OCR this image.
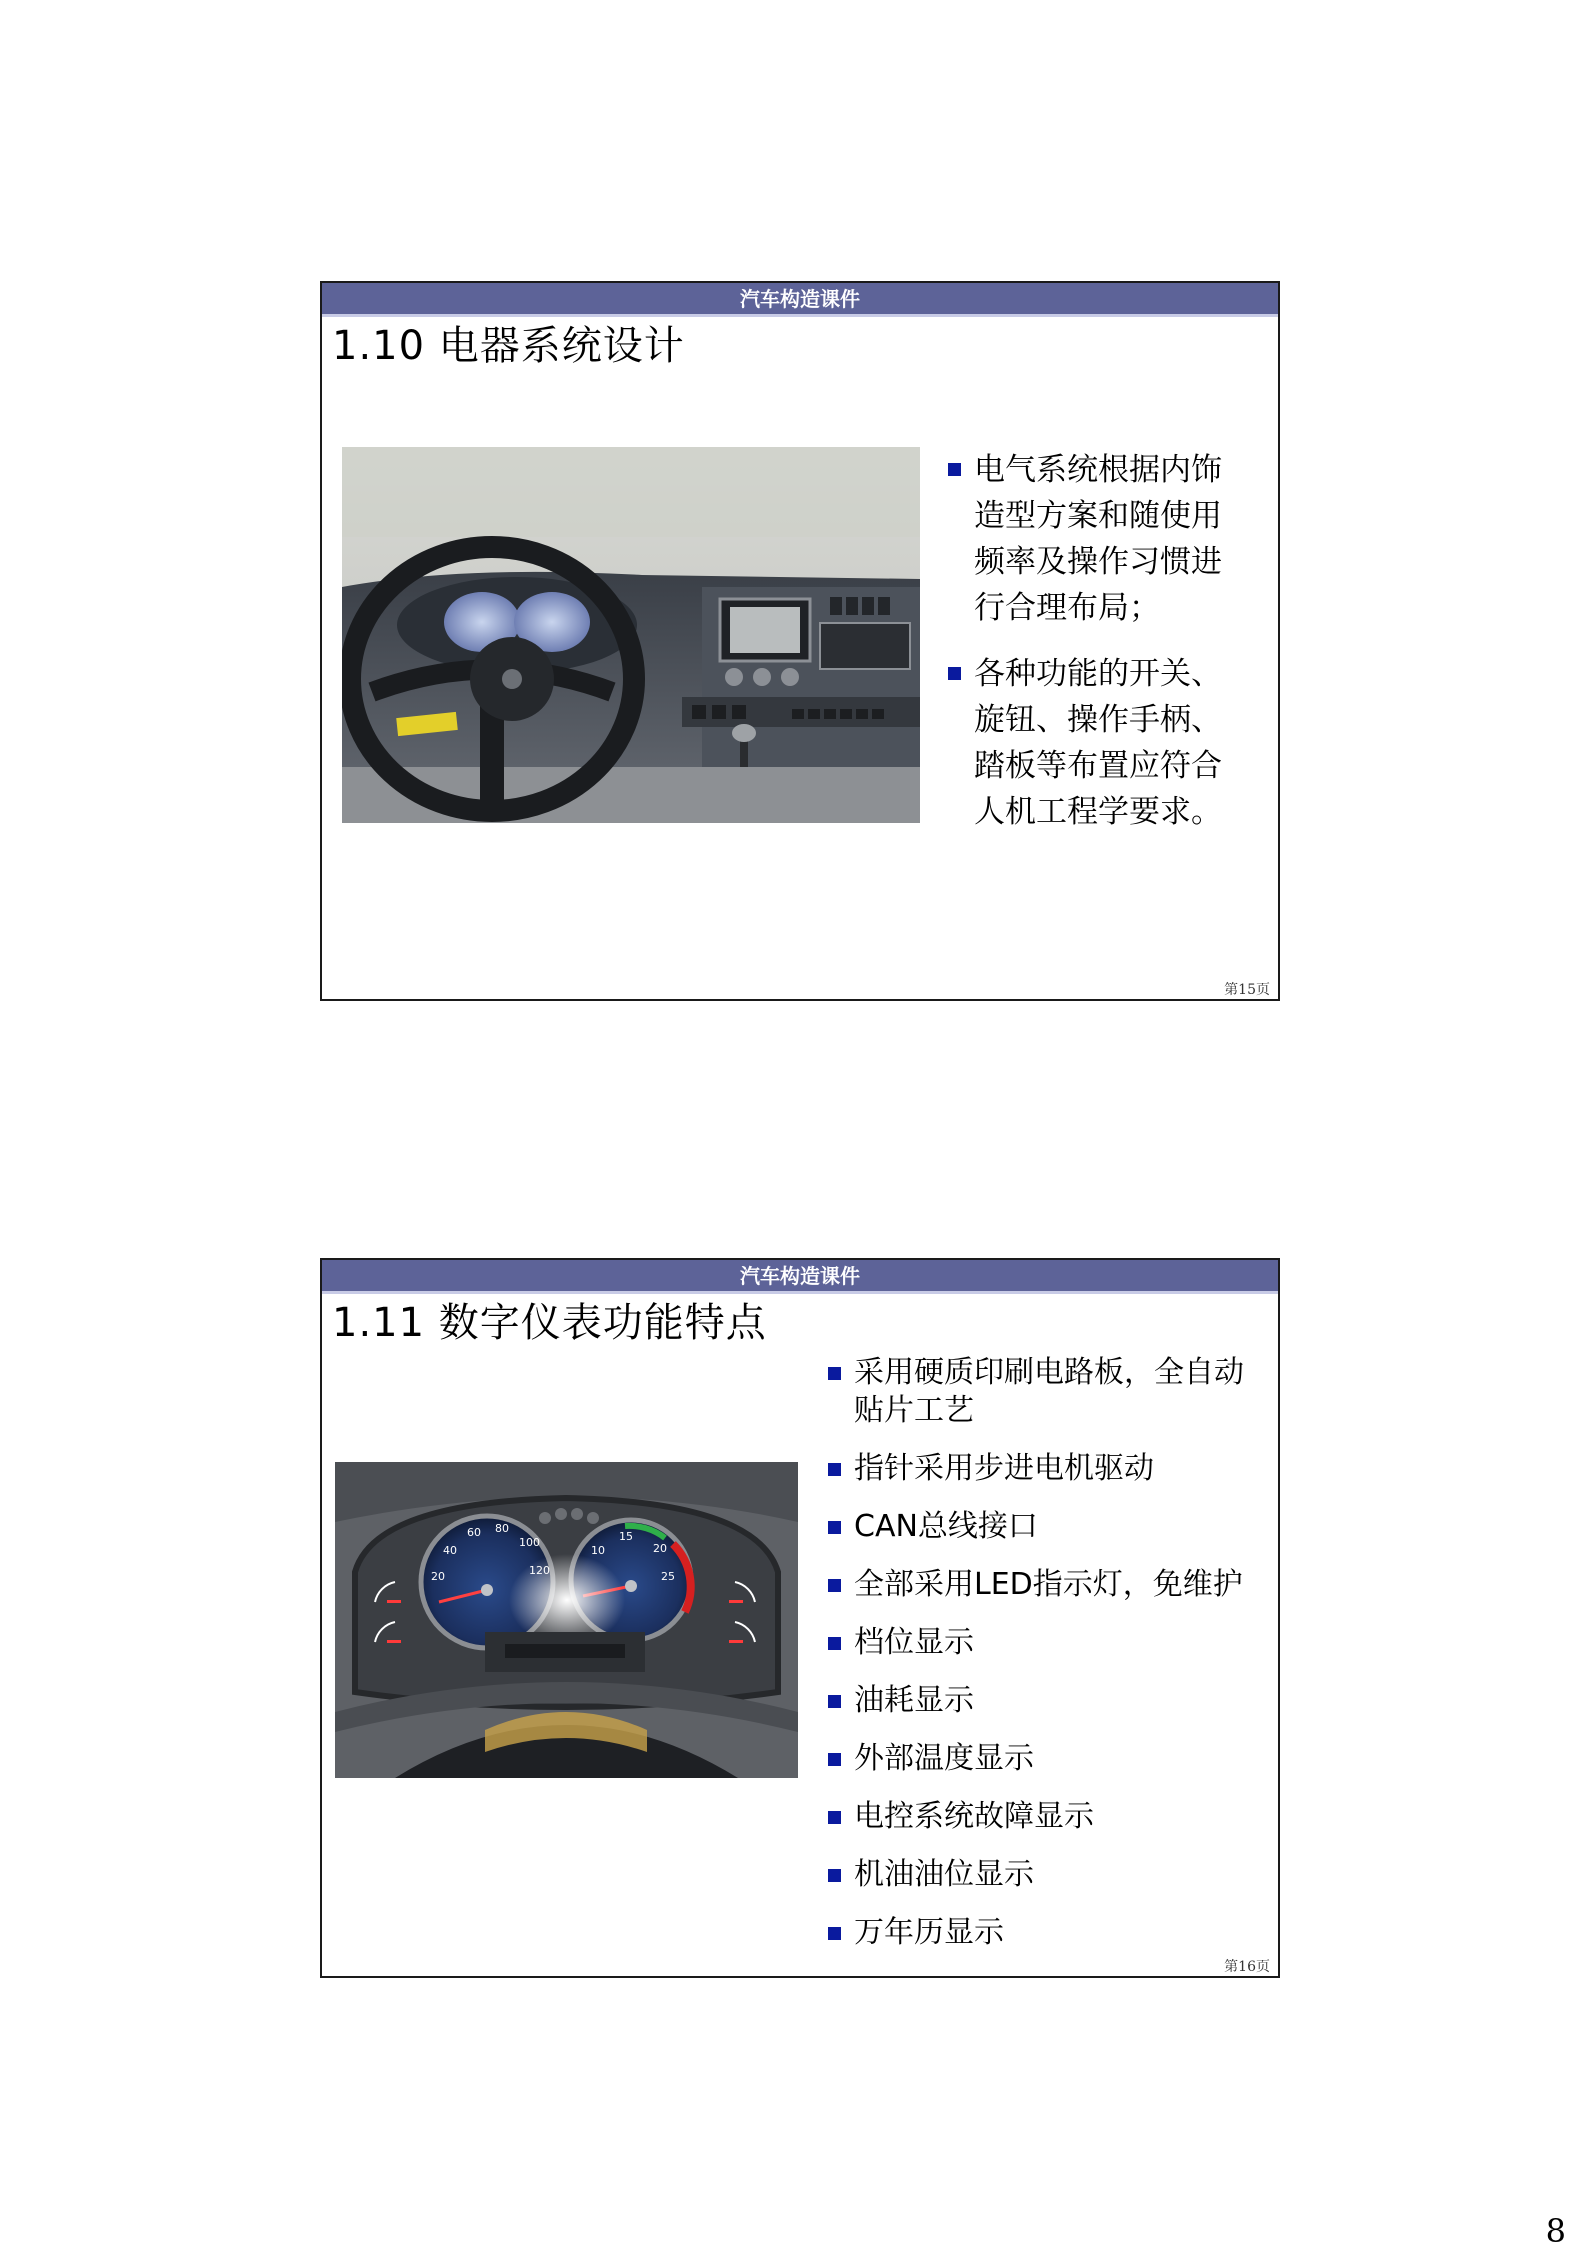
汽车构造课件
1.10 电器系统设计
电气系统根据内饰造型方案和随使用频率及操作习惯进行合理布局；
各种功能的开关、旋钮、操作手柄、踏板等布置应符合人机工程学要求。
第15页
汽车构造课件
1.11 数字仪表功能特点
40
60 80
100
20
10
15
20
25
采用硬质印刷电路板，全自动贴片工艺
指针采用步进电机驱动
CAN总线接口
全部采用LED指示灯，免维护
档位显示
油耗显示
外部温度显示
电控系统故障显示
机油油位显示
万年历显示
第16页
8
